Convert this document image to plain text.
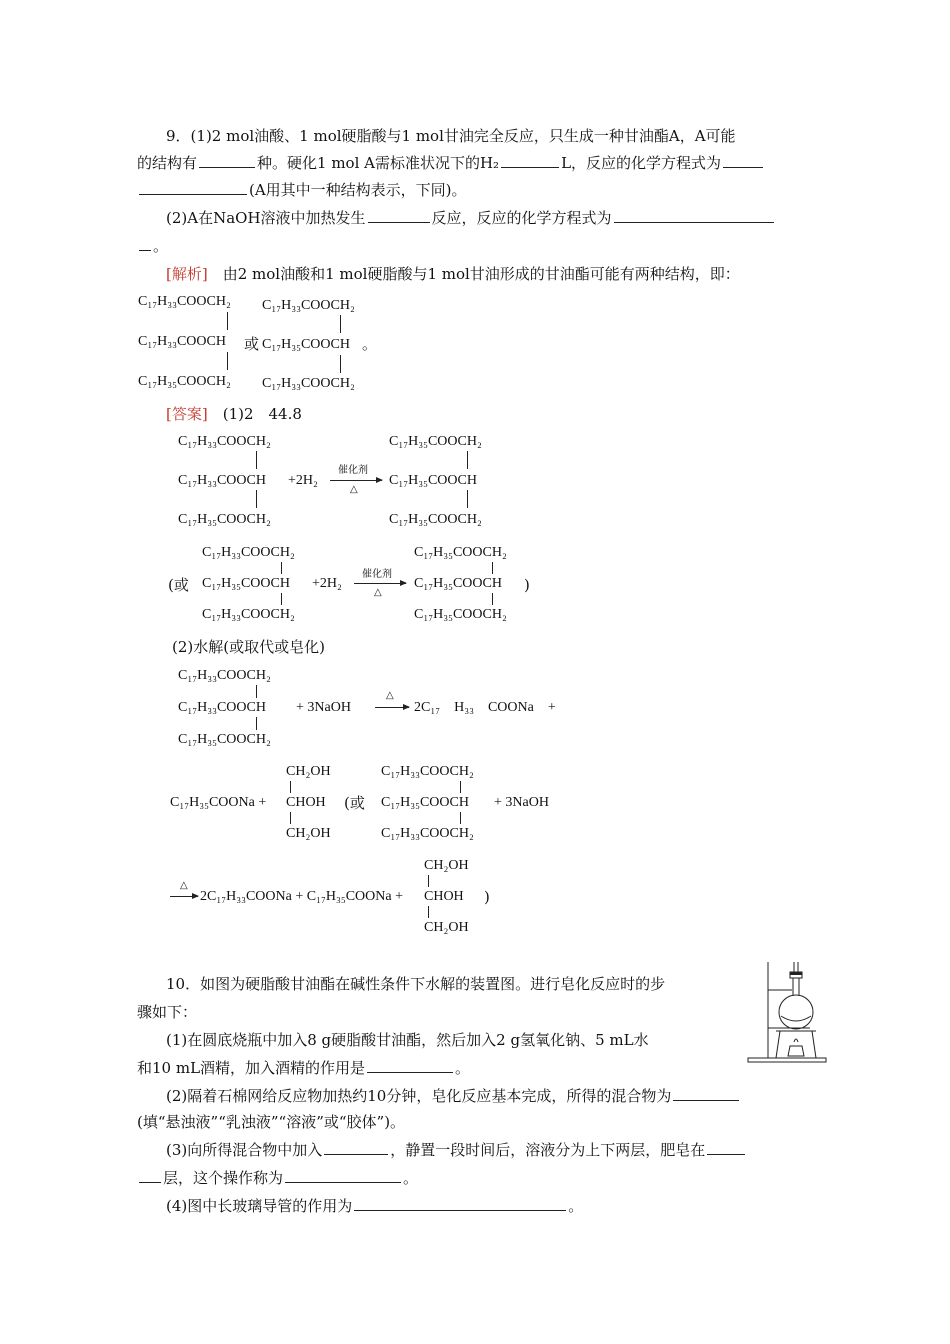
9．(1)2 mol油酸、1 mol硬脂酸与1 mol甘油完全反应，只生成一种甘油酯A，A可能
的结构有	种。硬化1 mol A需标准状况下的H₂	L，反应的化学方程式为
(A用其中一种结构表示，下同)。
(2)A在NaOH溶液中加热发生	反应，反应的化学方程式为
。
[解析]　由2 mol油酸和1 mol硬脂酸与1 mol甘油形成的甘油酯可能有两种结构，即：
C₁₇H₃₃COOCH₂
C₁₇H₃₃COOCH
C₁₇H₃₅COOCH₂
或
C₁₇H₃₃COOCH₂
C₁₇H₃₅COOCH
C₁₇H₃₃COOCH₂
。
[答案]　(1)2　44.8
C₁₇H₃₃COOCH₂
C₁₇H₃₃COOCH
C₁₇H₃₅COOCH₂
+2H₂
催化剂
△
C₁₇H₃₅COOCH₂
C₁₇H₃₅COOCH
C₁₇H₃₅COOCH₂
(或
C₁₇H₃₃COOCH₂
C₁₇H₃₅COOCH
C₁₇H₃₃COOCH₂
+2H₂
催化剂
△
C₁₇H₃₅COOCH₂
C₁₇H₃₅COOCH
C₁₇H₃₅COOCH₂
)
(2)水解(或取代或皂化)
C₁₇H₃₃COOCH₂
C₁₇H₃₃COOCH
C₁₇H₃₅COOCH₂
+ 3NaOH
△
→ 2C₁₇　H₃₃　COONa　+
C₁₇H₃₅COONa +
CH₂OH
CHOH
CH₂OH
(或
C₁₇H₃₃COOCH₂
C₁₇H₃₅COOCH
C₁₇H₃₃COOCH₂
+ 3NaOH
△
→ 2C₁₇H₃₃COONa + C₁₇H₃₅COONa +
CH₂OH
CHOH
CH₂OH
)
10．如图为硬脂酸甘油酯在碱性条件下水解的装置图。进行皂化反应时的步
骤如下：
(1)在圆底烧瓶中加入8 g硬脂酸甘油酯，然后加入2 g氢氧化钠、5 mL水
和10 mL酒精，加入酒精的作用是	。
(2)隔着石棉网给反应物加热约10分钟，皂化反应基本完成，所得的混合物为
(填“悬浊液”“乳浊液”“溶液”或“胶体”)。
(3)向所得混合物中加入	，静置一段时间后，溶液分为上下两层，肥皂在
层，这个操作称为	。
(4)图中长玻璃导管的作用为	。
